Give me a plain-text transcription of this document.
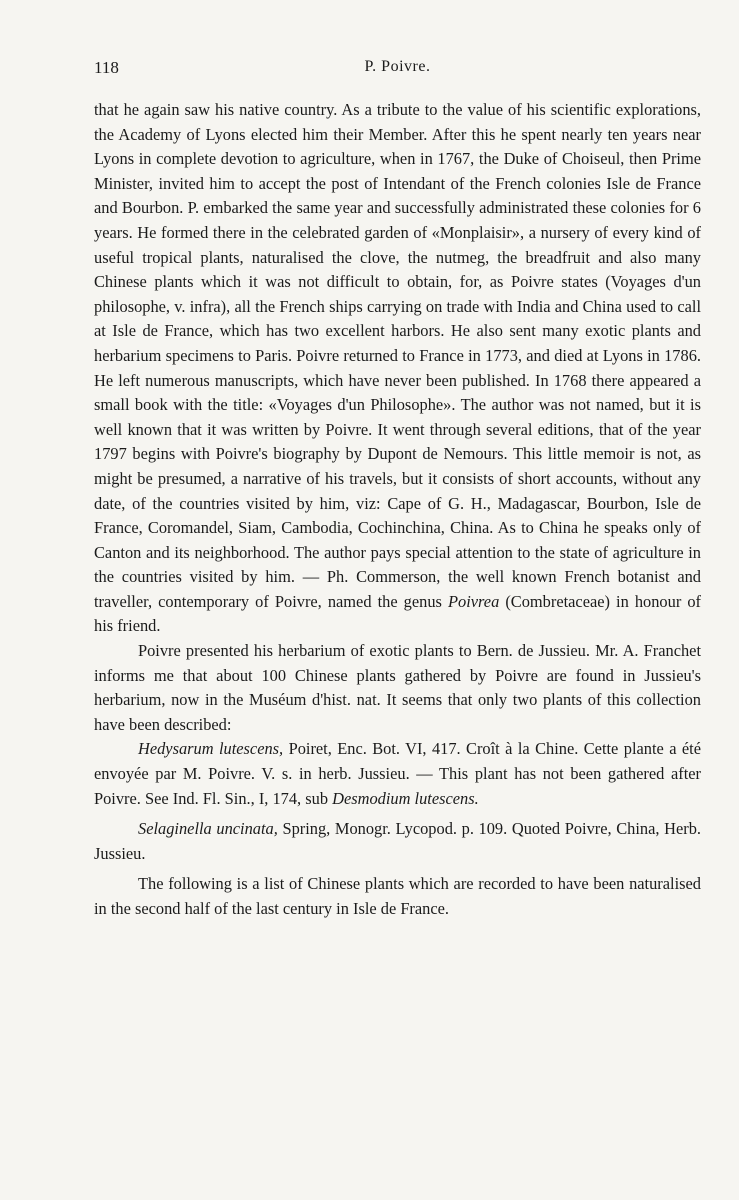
118	P. Poivre.

that he again saw his native country. As a tribute to the value of his scientific explorations, the Academy of Lyons elected him their Member. After this he spent nearly ten years near Lyons in complete devotion to agriculture, when in 1767, the Duke of Choiseul, then Prime Minister, invited him to accept the post of Intendant of the French colonies Isle de France and Bourbon. P. embarked the same year and successfully administrated these colonies for 6 years. He formed there in the celebrated garden of «Monplaisir», a nursery of every kind of useful tropical plants, naturalised the clove, the nutmeg, the breadfruit and also many Chinese plants which it was not difficult to obtain, for, as Poivre states (Voyages d'un philosophe, v. infra), all the French ships carrying on trade with India and China used to call at Isle de France, which has two excellent harbors. He also sent many exotic plants and herbarium specimens to Paris. Poivre returned to France in 1773, and died at Lyons in 1786. He left numerous manuscripts, which have never been published. In 1768 there appeared a small book with the title: «Voyages d'un Philosophe». The author was not named, but it is well known that it was written by Poivre. It went through several editions, that of the year 1797 begins with Poivre's biography by Dupont de Nemours. This little memoir is not, as might be presumed, a narrative of his travels, but it consists of short accounts, without any date, of the countries visited by him, viz: Cape of G. H., Madagascar, Bourbon, Isle de France, Coromandel, Siam, Cambodia, Cochinchina, China. As to China he speaks only of Canton and its neighborhood. The author pays special attention to the state of agriculture in the countries visited by him. — Ph. Commerson, the well known French botanist and traveller, contemporary of Poivre, named the genus Poivrea (Combretaceae) in honour of his friend.

Poivre presented his herbarium of exotic plants to Bern. de Jussieu. Mr. A. Franchet informs me that about 100 Chinese plants gathered by Poivre are found in Jussieu's herbarium, now in the Muséum d'hist. nat. It seems that only two plants of this collection have been described:

Hedysarum lutescens, Poiret, Enc. Bot. VI, 417. Croît à la Chine. Cette plante a été envoyée par M. Poivre. V. s. in herb. Jussieu. — This plant has not been gathered after Poivre. See Ind. Fl. Sin., I, 174, sub Desmodium lutescens.

Selaginella uncinata, Spring, Monogr. Lycopod. p. 109. Quoted Poivre, China, Herb. Jussieu.

The following is a list of Chinese plants which are recorded to have been naturalised in the second half of the last century in Isle de France.
